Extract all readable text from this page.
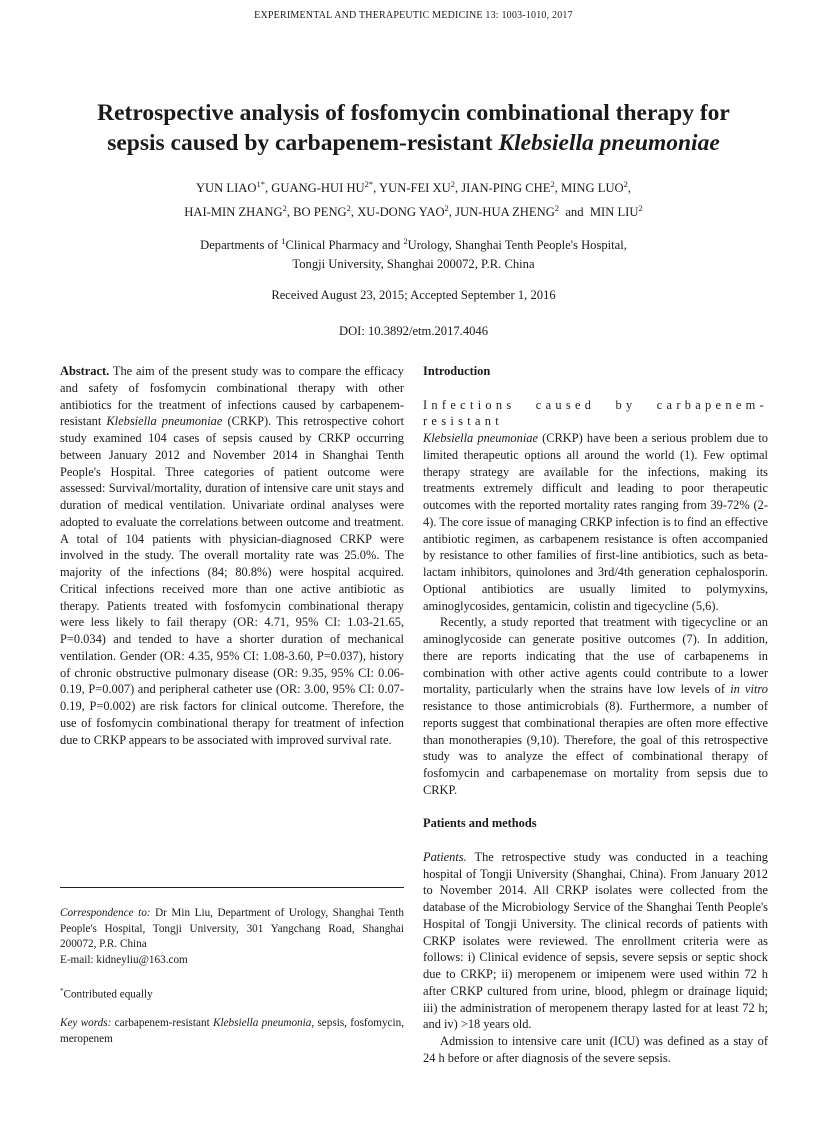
EXPERIMENTAL AND THERAPEUTIC MEDICINE 13: 1003-1010, 2017
Retrospective analysis of fosfomycin combinational therapy for
sepsis caused by carbapenem-resistant Klebsiella pneumoniae
YUN $LIAO^{1*}$, GUANG-HUI $HU^{2*}$, YUN-FEI $XU^2$, JIAN-PING CHE$^2$, MING LUO$^2$,
HAI-MIN ZHANG$^2$, BO PENG$^2$, XU-DONG YAO$^2$, JUN-HUA ZHENG$^2$ and MIN LIU$^2$
Departments of $^1$Clinical Pharmacy and $^2$Urology, Shanghai Tenth People's Hospital,
Tongji University, Shanghai 200072, P.R. China
Received August 23, 2015; Accepted September 1, 2016
DOI: 10.3892/etm.2017.4046

Abstract. The aim of the present study was to compare the efficacy and safety of fosfomycin combinational therapy with other antibiotics for the treatment of infections caused by carbapenem-resistant Klebsiella pneumoniae (CRKP). This retrospective cohort study examined 104 cases of sepsis caused by CRKP occurring between January 2012 and November 2014 in Shanghai Tenth People's Hospital. Three categories of patient outcome were assessed: Survival/mortality, duration of intensive care unit stays and duration of medical ventilation. Univariate ordinal analyses were adopted to evaluate the correlations between outcome and treatment. A total of 104 patients with physician-diagnosed CRKP were involved in the study. The overall mortality rate was 25.0%. The majority of the infections (84; 80.8%) were hospital acquired. Critical infections received more than one active antibiotic as therapy. Patients treated with fosfomycin combinational therapy were less likely to fail therapy (OR: 4.71, 95% CI: 1.03-21.65, P=0.034) and tended to have a shorter duration of mechanical ventilation. Gender (OR: 4.35, 95% CI: 1.08-3.60, P=0.037), history of chronic obstructive pulmonary disease (OR: 9.35, 95% CI: 0.06-0.19, P=0.007) and peripheral catheter use (OR: 3.00, 95% CI: 0.07-0.19, P=0.002) are risk factors for clinical outcome. Therefore, the use of fosfomycin combinational therapy for treatment of infection due to CRKP appears to be associated with improved survival rate.

Correspondence to: Dr Min Liu, Department of Urology, Shanghai Tenth People's Hospital, Tongji University, 301 Yangchang Road, Shanghai 200072, P.R. China

E-mail: kidneyliu@163.com

*Contributed equally

Key words: carbapenem-resistant Klebsiella pneumonia, sepsis, fosfomycin, meropenem

Introduction

Infections caused by carbapenem-resistant
Klebsiella pneumoniae (CRKP) have been a serious problem due to limited therapeutic options all around the world (1). Few optimal therapy strategy are available for the infections, making its treatments extremely difficult and leading to poor therapeutic outcomes with the reported mortality rates ranging from 39-72% (2-4). The core issue of managing CRKP infection is to find an effective antibiotic regimen, as carbapenem resistance is often accompanied by resistance to other families of first-line antibiotics, such as beta-lactam inhibitors, quinolones and 3rd/4th generation cephalosporin. Optional antibiotics are usually limited to polymyxins, aminoglycosides, gentamicin, colistin and tigecycline (5,6).

Recently, a study reported that treatment with tigecycline or an aminoglycoside can generate positive outcomes (7). In addition, there are reports indicating that the use of carbapenems in combination with other active agents could contribute to a lower mortality, particularly when the strains have low levels of in vitro resistance to those antimicrobials (8). Furthermore, a number of reports suggest that combinational therapies are often more effective than monotherapies (9,10). Therefore, the goal of this retrospective study was to analyze the effect of combinational therapy of fosfomycin and carbapenemase on mortality from sepsis due to CRKP.

Patients and methods

Patients. The retrospective study was conducted in a teaching hospital of Tongji University (Shanghai, China). From January 2012 to November 2014. All CRKP isolates were collected from the database of the Microbiology Service of the Shanghai Tenth People's Hospital of Tongji University. The clinical records of patients with CRKP isolates were reviewed. The enrollment criteria were as follows: i) Clinical evidence of sepsis, severe sepsis or septic shock due to CRKP; ii) meropenem or imipenem were used within 72 h after CRKP cultured from urine, blood, phlegm or drainage liquid; iii) the administration of meropenem therapy lasted for at least 72 h; and iv) >18 years old.

Admission to intensive care unit (ICU) was defined as a stay of 24 h before or after diagnosis of the severe sepsis.
